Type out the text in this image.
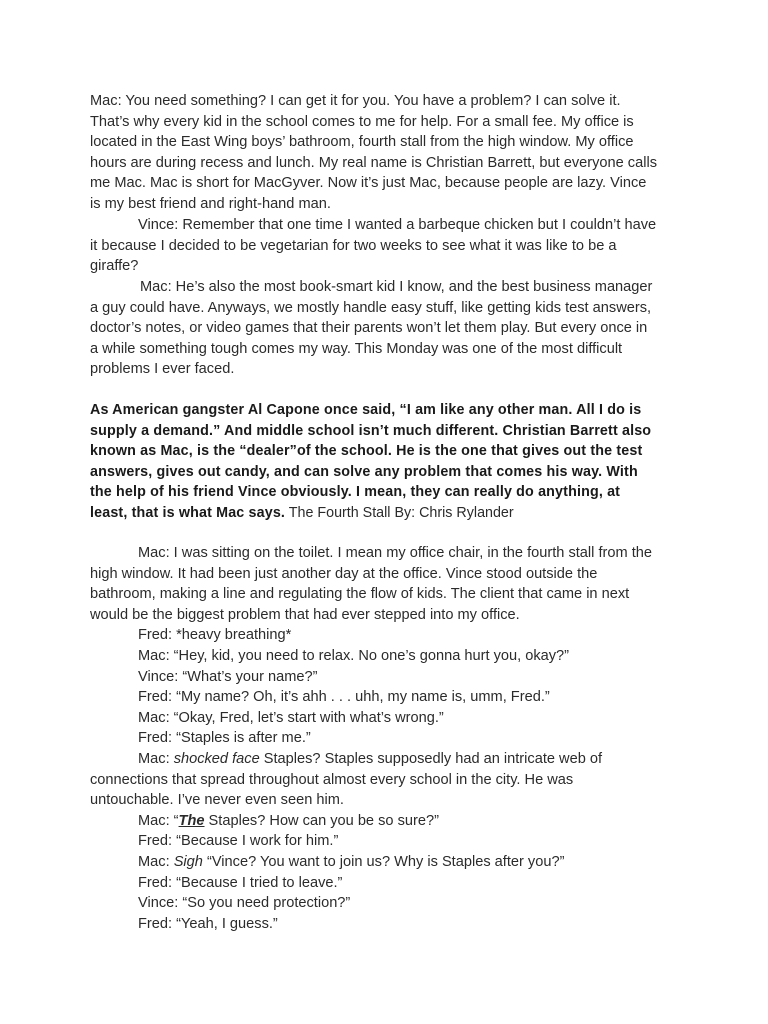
Mac: You need something? I can get it for you. You have a problem? I can solve it.
That’s why every kid in the school comes to me for help. For a small fee. My office is
located in the East Wing boys’ bathroom, fourth stall from the high window. My office
hours are during recess and lunch. My real name is Christian Barrett, but everyone calls
me Mac. Mac is short for MacGyver. Now it’s just Mac, because people are lazy. Vince
is my best friend and right-hand man.
Vince: Remember that one time I wanted a barbeque chicken but I couldn’t have
it because I decided to be vegetarian for two weeks to see what it was like to be a
giraffe?
Mac: He’s also the most book-smart kid I know, and the best business manager
a guy could have. Anyways, we mostly handle easy stuff, like getting kids test answers,
doctor’s notes, or video games that their parents won’t let them play. But every once in
a while something tough comes my way. This Monday was one of the most difficult
problems I ever faced.
As American gangster Al Capone once said, “I am like any other man. All I do is
supply a demand.” And middle school isn’t much different. Christian Barrett also
known as Mac, is the “dealer”of the school. He is the one that gives out the test
answers, gives out candy, and can solve any problem that comes his way. With
the help of his friend Vince obviously. I mean, they can really do anything, at
least, that is what Mac says. The Fourth Stall By: Chris Rylander
Mac: I was sitting on the toilet. I mean my office chair, in the fourth stall from the
high window. It had been just another day at the office. Vince stood outside the
bathroom, making a line and regulating the flow of kids. The client that came in next
would be the biggest problem that had ever stepped into my office.
Fred: *heavy breathing*
Mac: “Hey, kid, you need to relax. No one’s gonna hurt you, okay?”
Vince: “What’s your name?”
Fred: “My name? Oh, it’s ahh . . . uhh, my name is, umm, Fred.”
Mac: “Okay, Fred, let’s start with what’s wrong.”
Fred: “Staples is after me.”
Mac: shocked face Staples? Staples supposedly had an intricate web of
connections that spread throughout almost every school in the city. He was
untouchable. I’ve never even seen him.
Mac: “The Staples? How can you be so sure?”
Fred: “Because I work for him.”
Mac: Sigh “Vince? You want to join us? Why is Staples after you?”
Fred: “Because I tried to leave.”
Vince: “So you need protection?”
Fred: “Yeah, I guess.”
